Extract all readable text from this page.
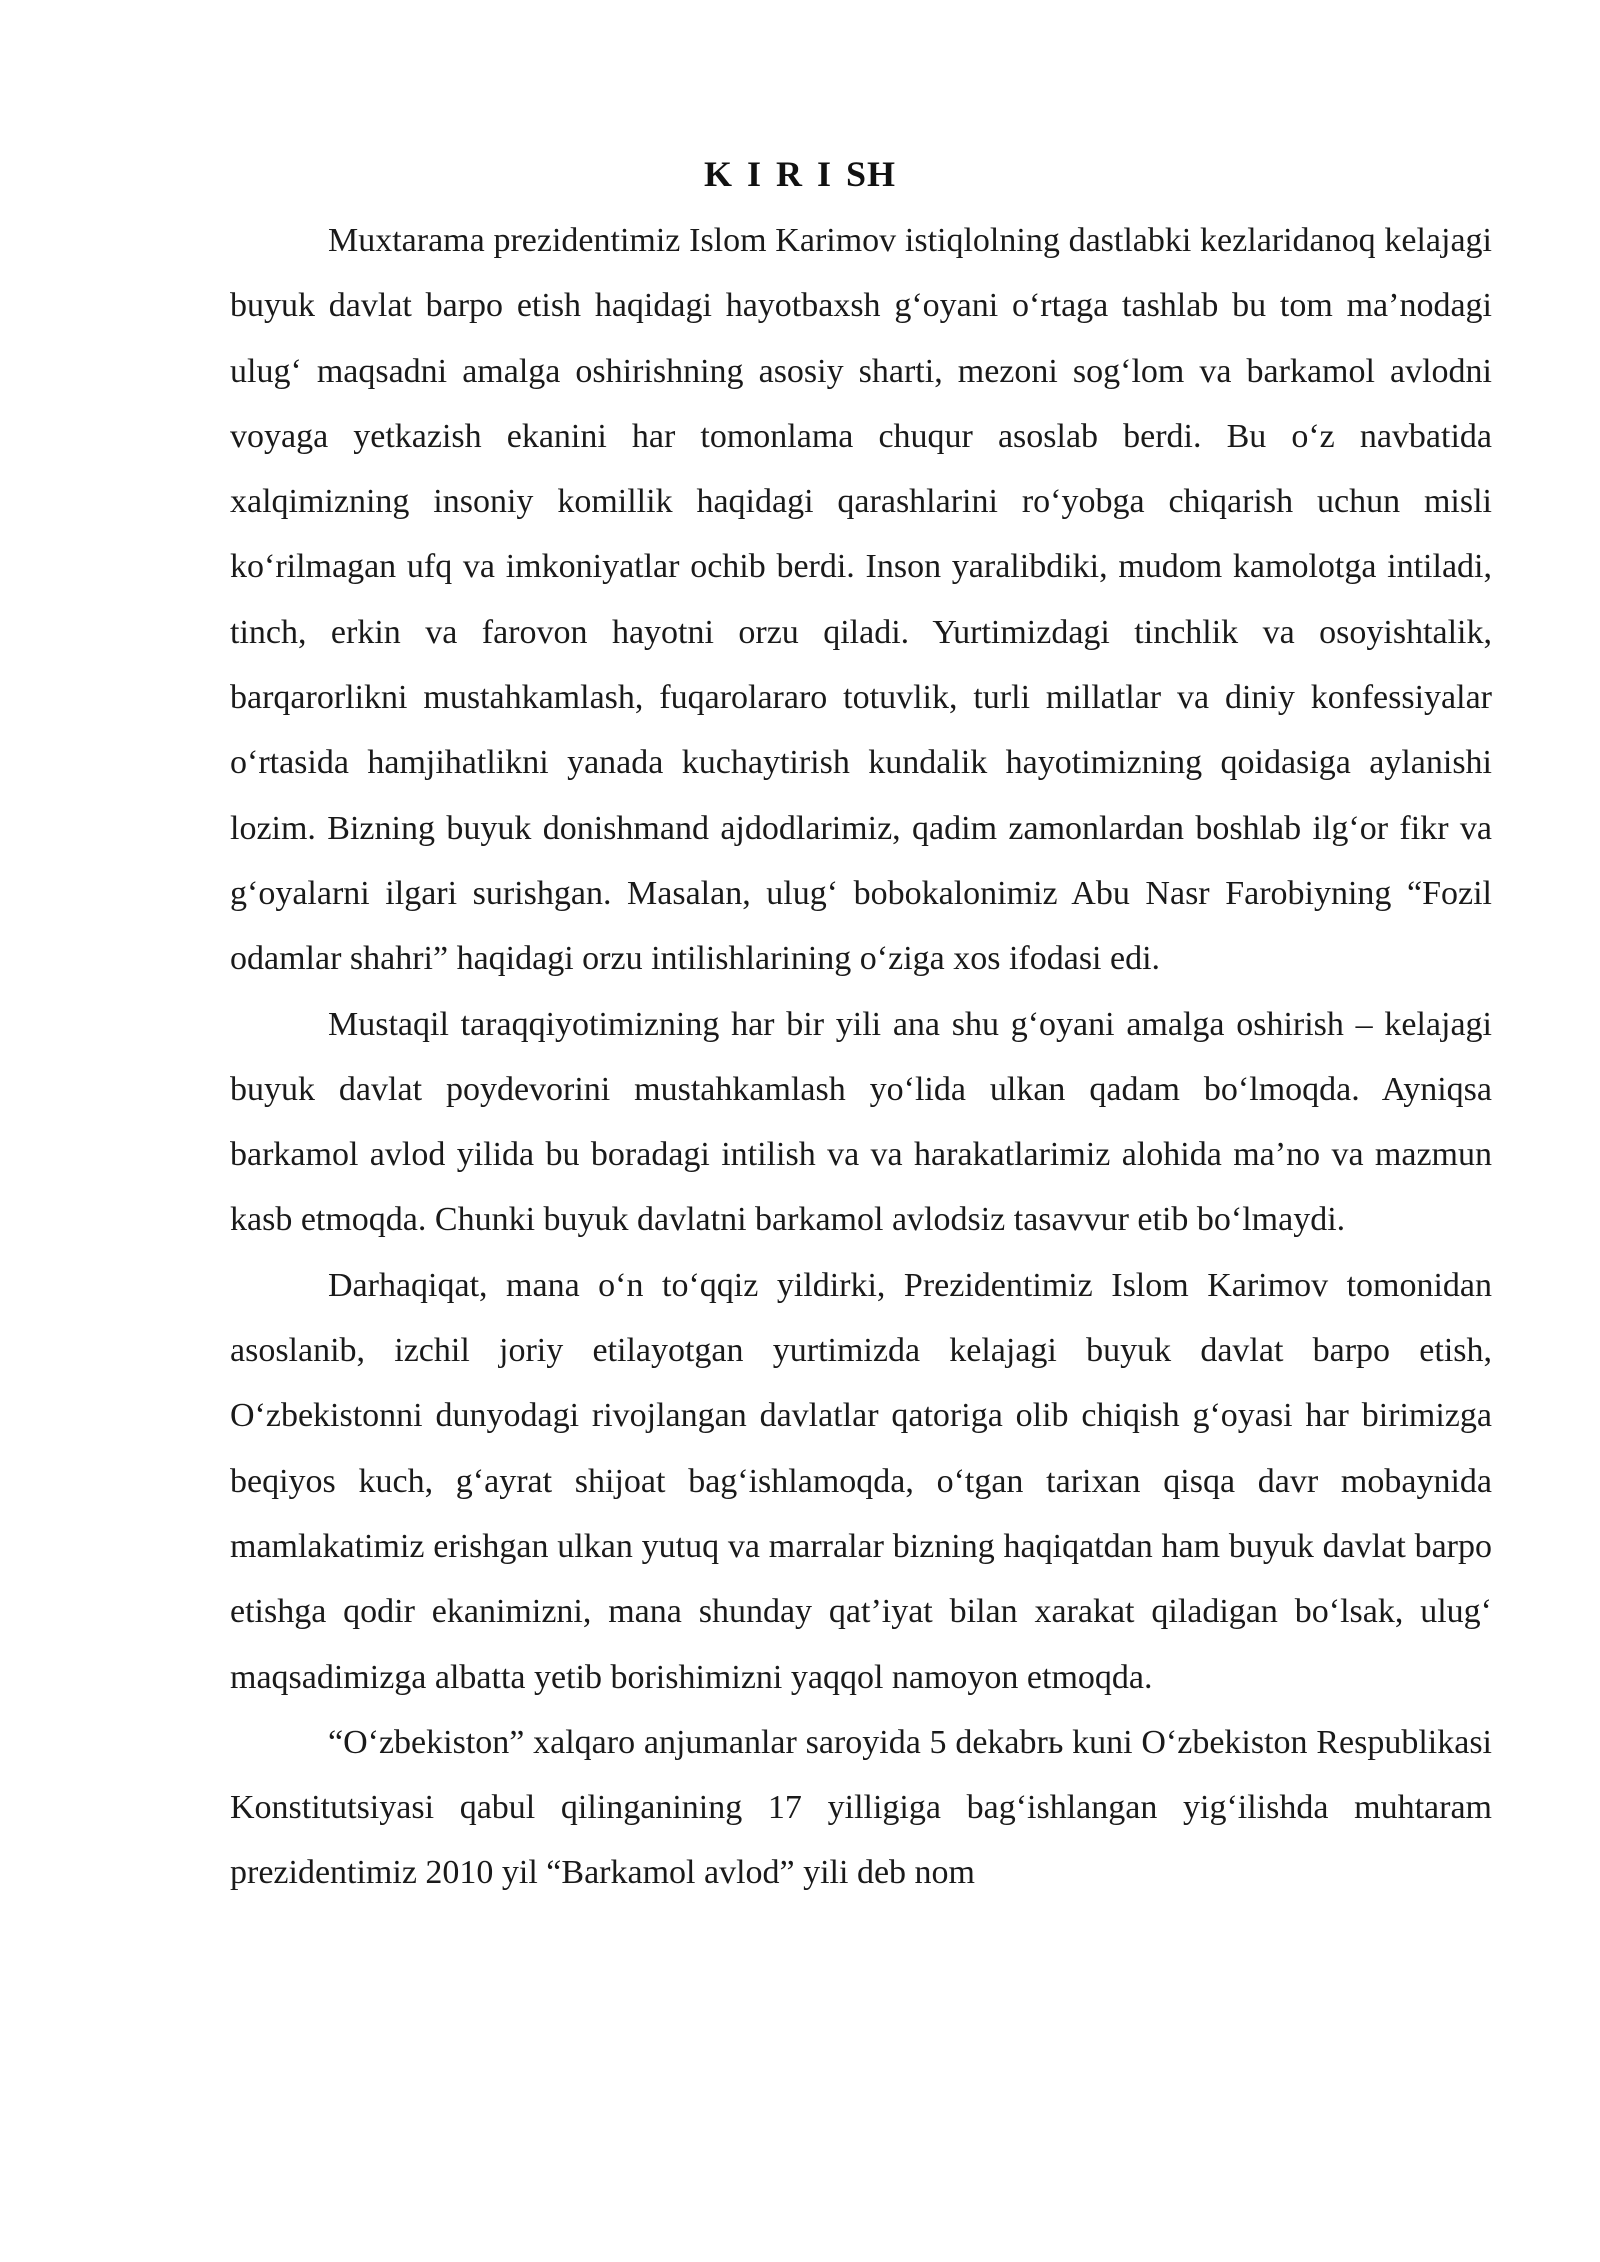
K I R I SH

Muxtarama prezidentimiz Islom Karimov istiqlolning dastlabki kezlaridanoq kelajagi buyuk davlat barpo etish haqidagi hayotbaxsh g‘oyani o‘rtaga tashlab bu tom ma’nodagi ulug‘ maqsadni amalga oshirishning asosiy sharti, mezoni sog‘lom va barkamol avlodni voyaga yetkazish ekanini har tomonlama chuqur asoslab berdi. Bu o‘z navbatida xalqimizning insoniy komillik haqidagi qarashlarini ro‘yobga chiqarish uchun misli ko‘rilmagan ufq va imkoniyatlar ochib berdi. Inson yaralibdiki, mudom kamolotga intiladi, tinch, erkin va farovon hayotni orzu qiladi. Yurtimizdagi tinchlik va osoyishtalik, barqarorlikni mustahkamlash, fuqarolararo totuvlik, turli millatlar va diniy konfessiyalar o‘rtasida hamjihatlikni yanada kuchaytirish kundalik hayotimizning qoidasiga aylanishi lozim. Bizning buyuk donishmand ajdodlarimiz, qadim zamonlardan boshlab ilg‘or fikr va g‘oyalarni ilgari surishgan. Masalan, ulug‘ bobokalonimiz Abu Nasr Farobiyning “Fozil odamlar shahri” haqidagi orzu intilishlarining o‘ziga xos ifodasi edi.

Mustaqil taraqqiyotimizning har bir yili ana shu g‘oyani amalga oshirish – kelajagi buyuk davlat poydevorini mustahkamlash yo‘lida ulkan qadam bo‘lmoqda. Ayniqsa barkamol avlod yilida bu boradagi intilish va va harakatlarimiz alohida ma’no va mazmun kasb etmoqda. Chunki buyuk davlatni barkamol avlodsiz tasavvur etib bo‘lmaydi.

Darhaqiqat, mana o‘n to‘qqiz yildirki, Prezidentimiz Islom Karimov tomonidan asoslanib, izchil joriy etilayotgan yurtimizda kelajagi buyuk davlat barpo etish, O‘zbekistonni dunyodagi rivojlangan davlatlar qatoriga olib chiqish g‘oyasi har birimizga beqiyos kuch, g‘ayrat shijoat bag‘ishlamoqda, o‘tgan tarixan qisqa davr mobaynida mamlakatimiz erishgan ulkan yutuq va marralar bizning haqiqatdan ham buyuk davlat barpo etishga qodir ekanimizni, mana shunday qat’iyat bilan xarakat qiladigan bo‘lsak, ulug‘ maqsadimizga albatta yetib borishimizni yaqqol namoyon etmoqda.

“O‘zbekiston” xalqaro anjumanlar saroyida 5 dekabrь kuni O‘zbekiston Respublikasi Konstitutsiyasi qabul qilinganining 17 yilligiga bag‘ishlangan yig‘ilishda muhtaram prezidentimiz 2010 yil “Barkamol avlod” yili deb nom
